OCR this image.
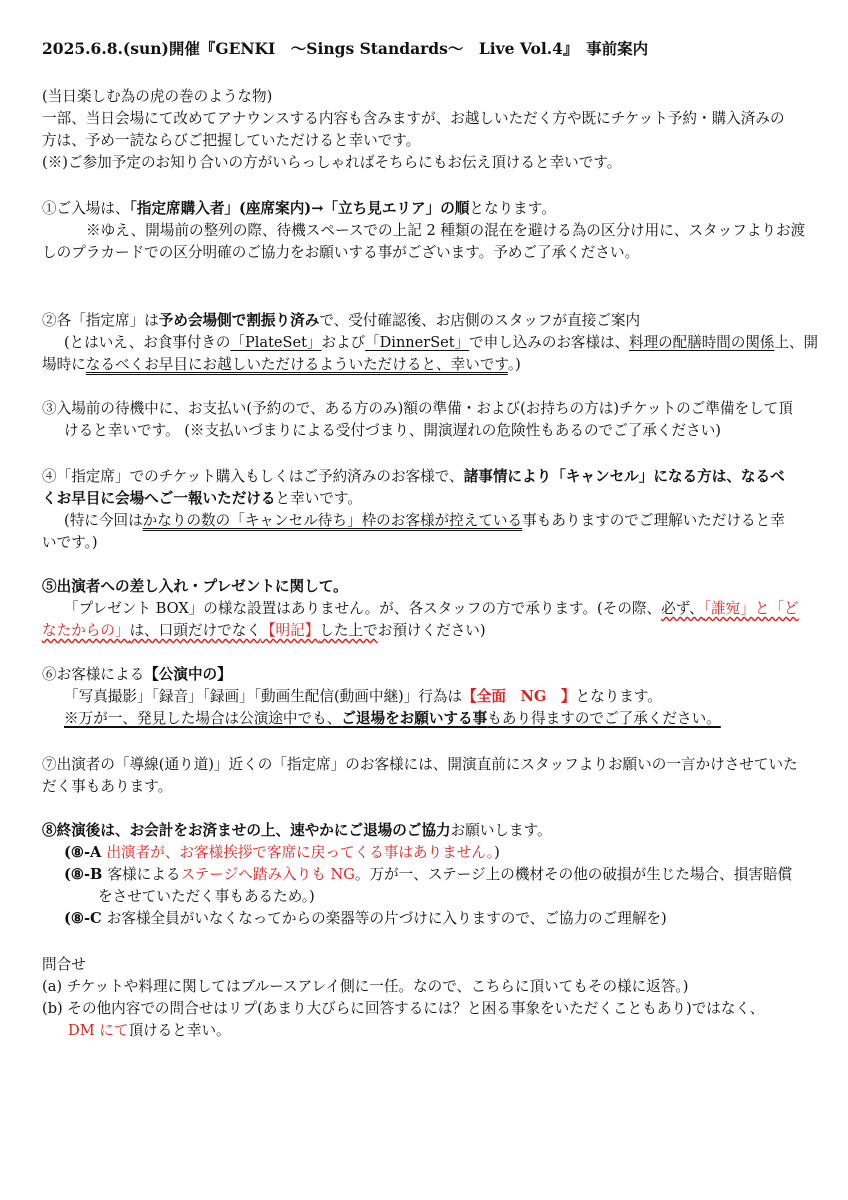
2025.6.8.(sun)開催『GENKI　～Sings Standards～　Live Vol.4』　事前案内
(当日楽しむ為の虎の巻のような物)
一部、当日会場にて改めてアナウンスする内容も含みますが、お越しいただく方や既にチケット予約・購入済みの
方は、予め一読ならびご把握していただけると幸いです。
(※)ご参加予定のお知り合いの方がいらっしゃればそちらにもお伝え頂けると幸いです。
①ご入場は、「指定席購入者」(座席案内)→「立ち見エリア」の順となります。
※ゆえ、開場前の整列の際、待機スペースでの上記 2 種類の混在を避ける為の区分け用に、スタッフよりお渡
しのプラカードでの区分明確のご協力をお願いする事がございます。予めご了承ください。
②各「指定席」は予め会場側で割振り済みで、受付確認後、お店側のスタッフが直接ご案内
(とはいえ、お食事付きの「PlateSet」および「DinnerSet」で申し込みのお客様は、料理の配膳時間の関係上、開
場時になるべくお早目にお越しいただけるよういただけると、幸いです。)
③入場前の待機中に、お支払い(予約ので、ある方のみ)額の準備・および(お持ちの方は)チケットのご準備をして頂
けると幸いです。 (※支払いづまりによる受付づまり、開演遅れの危険性もあるのでご了承ください)
④「指定席」でのチケット購入もしくはご予約済みのお客様で、諸事情により「キャンセル」になる方は、なるべ
くお早目に会場へご一報いただけると幸いです。
(特に今回はかなりの数の「キャンセル待ち」枠のお客様が控えている事もありますのでご理解いただけると幸
いです。)
⑤出演者への差し入れ・プレゼントに関して。
「プレゼント BOX」の様な設置はありません。が、各スタッフの方で承ります。(その際、必ず、「誰宛」と「ど
なたからの」は、口頭だけでなく【明記】した上でお預けください)
⑥お客様による【公演中の】
「写真撮影」「録音」「録画」「動画生配信(動画中継)」行為は【全面　NG　】となります。
※万が一、発見した場合は公演途中でも、ご退場をお願いする事もあり得ますのでご了承ください。
⑦出演者の「導線(通り道)」近くの「指定席」のお客様には、開演直前にスタッフよりお願いの一言かけさせていた
だく事もあります。
⑧終演後は、お会計をお済ませの上、速やかにご退場のご協力お願いします。
(⑧-A 出演者が、お客様挨拶で客席に戻ってくる事はありません。)
(⑧-B 客様によるステージへ踏み入りも NG。万が一、ステージ上の機材その他の破損が生じた場合、損害賠償
をさせていただく事もあるため。)
(⑧-C お客様全員がいなくなってからの楽器等の片づけに入りますので、ご協力のご理解を)
問合せ
(a) チケットや料理に関してはブルースアレイ側に一任。なので、こちらに頂いてもその様に返答。)
(b) その他内容での問合せはリプ(あまり大びらに回答するには？と困る事象をいただくこともあり)ではなく、
DM にて頂けると幸い。
